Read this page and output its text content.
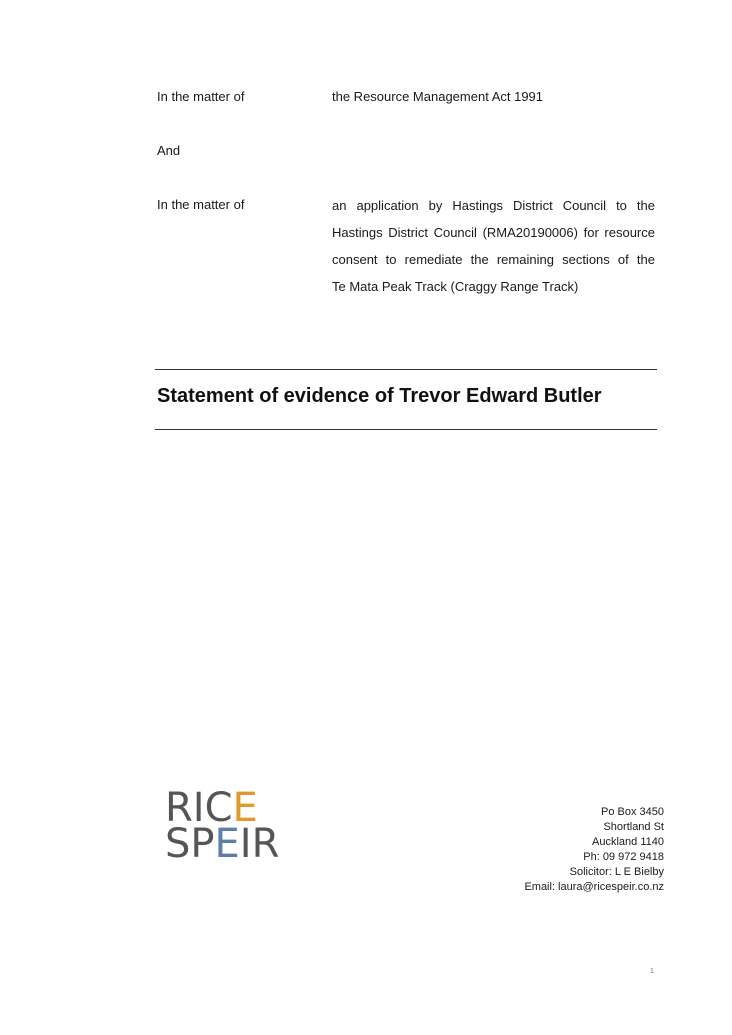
In the matter of	the Resource Management Act 1991
And
In the matter of	an application by Hastings District Council to the
Hastings District Council (RMA20190006) for resource
consent to remediate the remaining sections of the
Te Mata Peak Track (Craggy Range Track)
Statement of evidence of Trevor Edward Butler
RICE
SPEIR
Po Box 3450
Shortland St
Auckland 1140
Ph: 09 972 9418
Solicitor: L E Bielby
Email: laura@ricespeir.co.nz
1
